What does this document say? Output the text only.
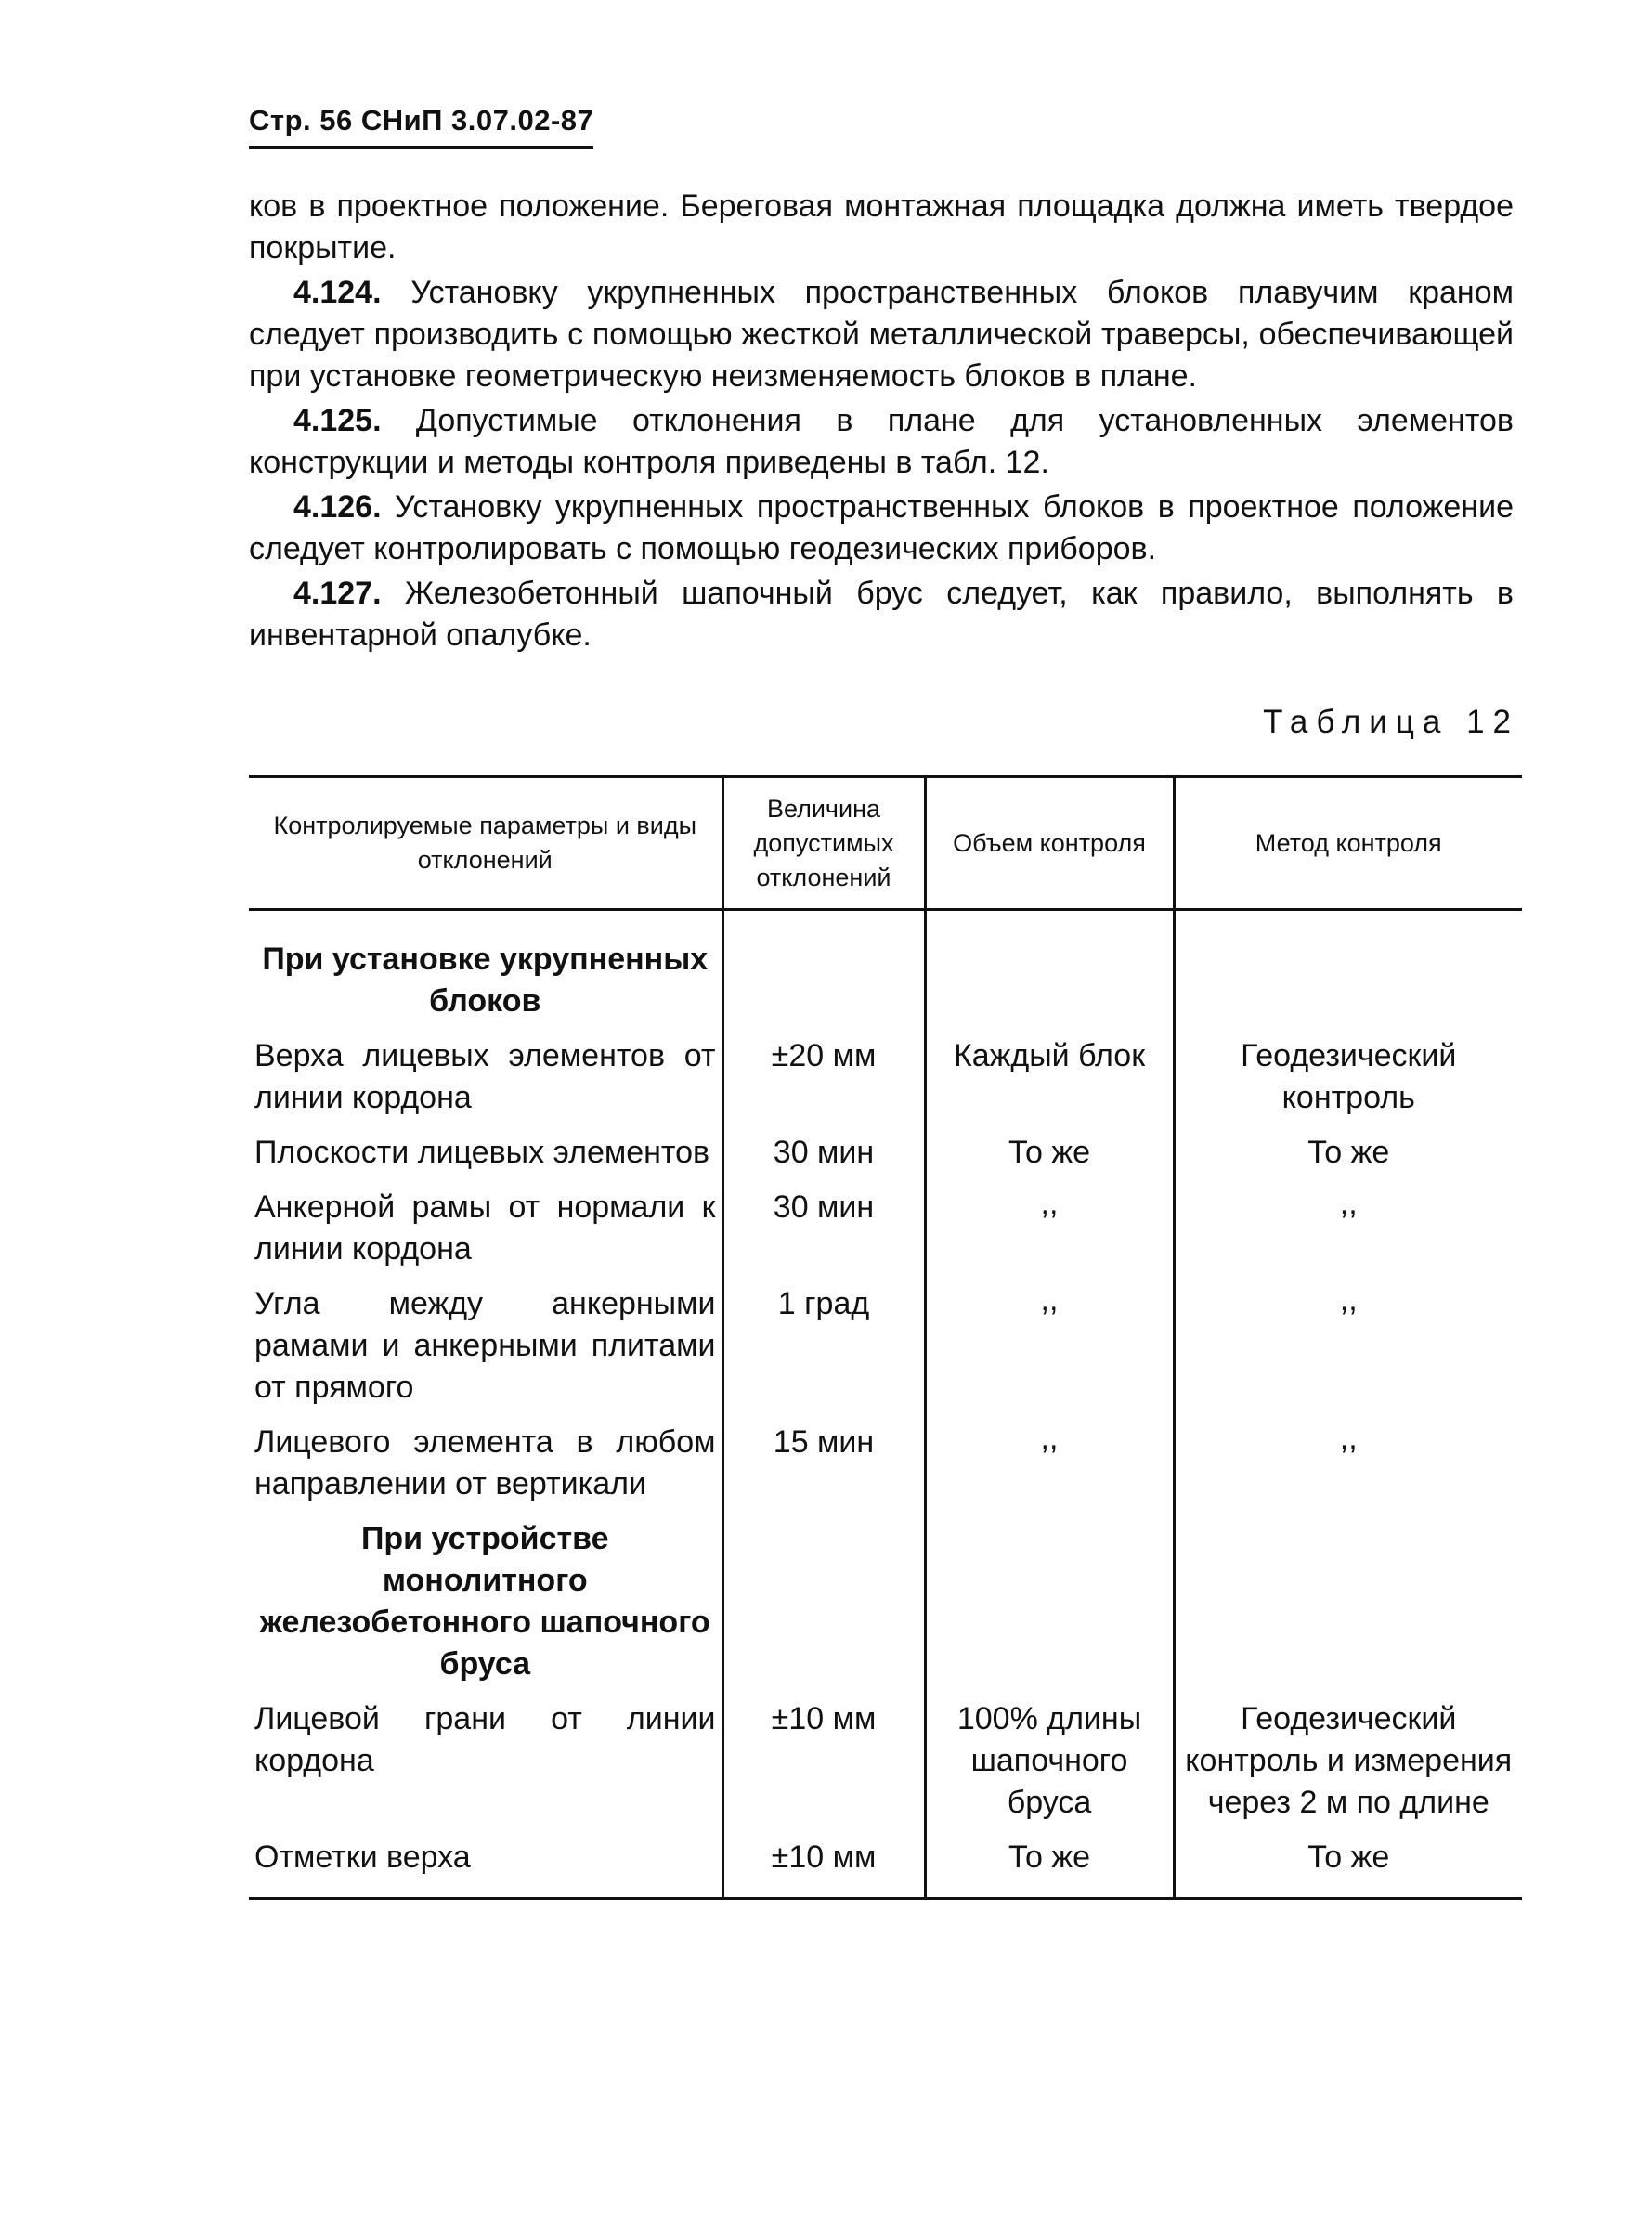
Стр. 56 СНиП 3.07.02-87

ков в проектное положение. Береговая монтажная площадка должна иметь твердое покрытие.

4.124. Установку укрупненных пространственных блоков плавучим краном следует производить с помощью жесткой металлической траверсы, обеспечивающей при установке геометрическую неизменяемость блоков в плане.

4.125. Допустимые отклонения в плане для установленных элементов конструкции и методы контроля приведены в табл. 12.

4.126. Установку укрупненных пространственных блоков в проектное положение следует контролировать с помощью геодезических приборов.

4.127. Железобетонный шапочный брус следует, как правило, выполнять в инвентарной опалубке.

Таблица 12
Контролируемые параметры и виды отклонений	Величина допустимых отклонений	Объем контроля	Метод контроля
При установке укрупненных блоков			
Верха лицевых элементов от линии кордона	±20 мм	Каждый блок	Геодезический контроль
Плоскости лицевых элементов	30 мин	То же	То же
Анкерной рамы от нормали к линии кордона	30 мин	,,	,,
Угла между анкерными рамами и анкерными плитами от прямого	1 град	,,	,,
Лицевого элемента в любом направлении от вертикали	15 мин	,,	,,
При устройстве монолитного железобетонного шапочного бруса			
Лицевой грани от линии кордона	±10 мм	100% длины шапочного бруса	Геодезический контроль и измерения через 2 м по длине
Отметки верха	±10 мм	То же	То же
